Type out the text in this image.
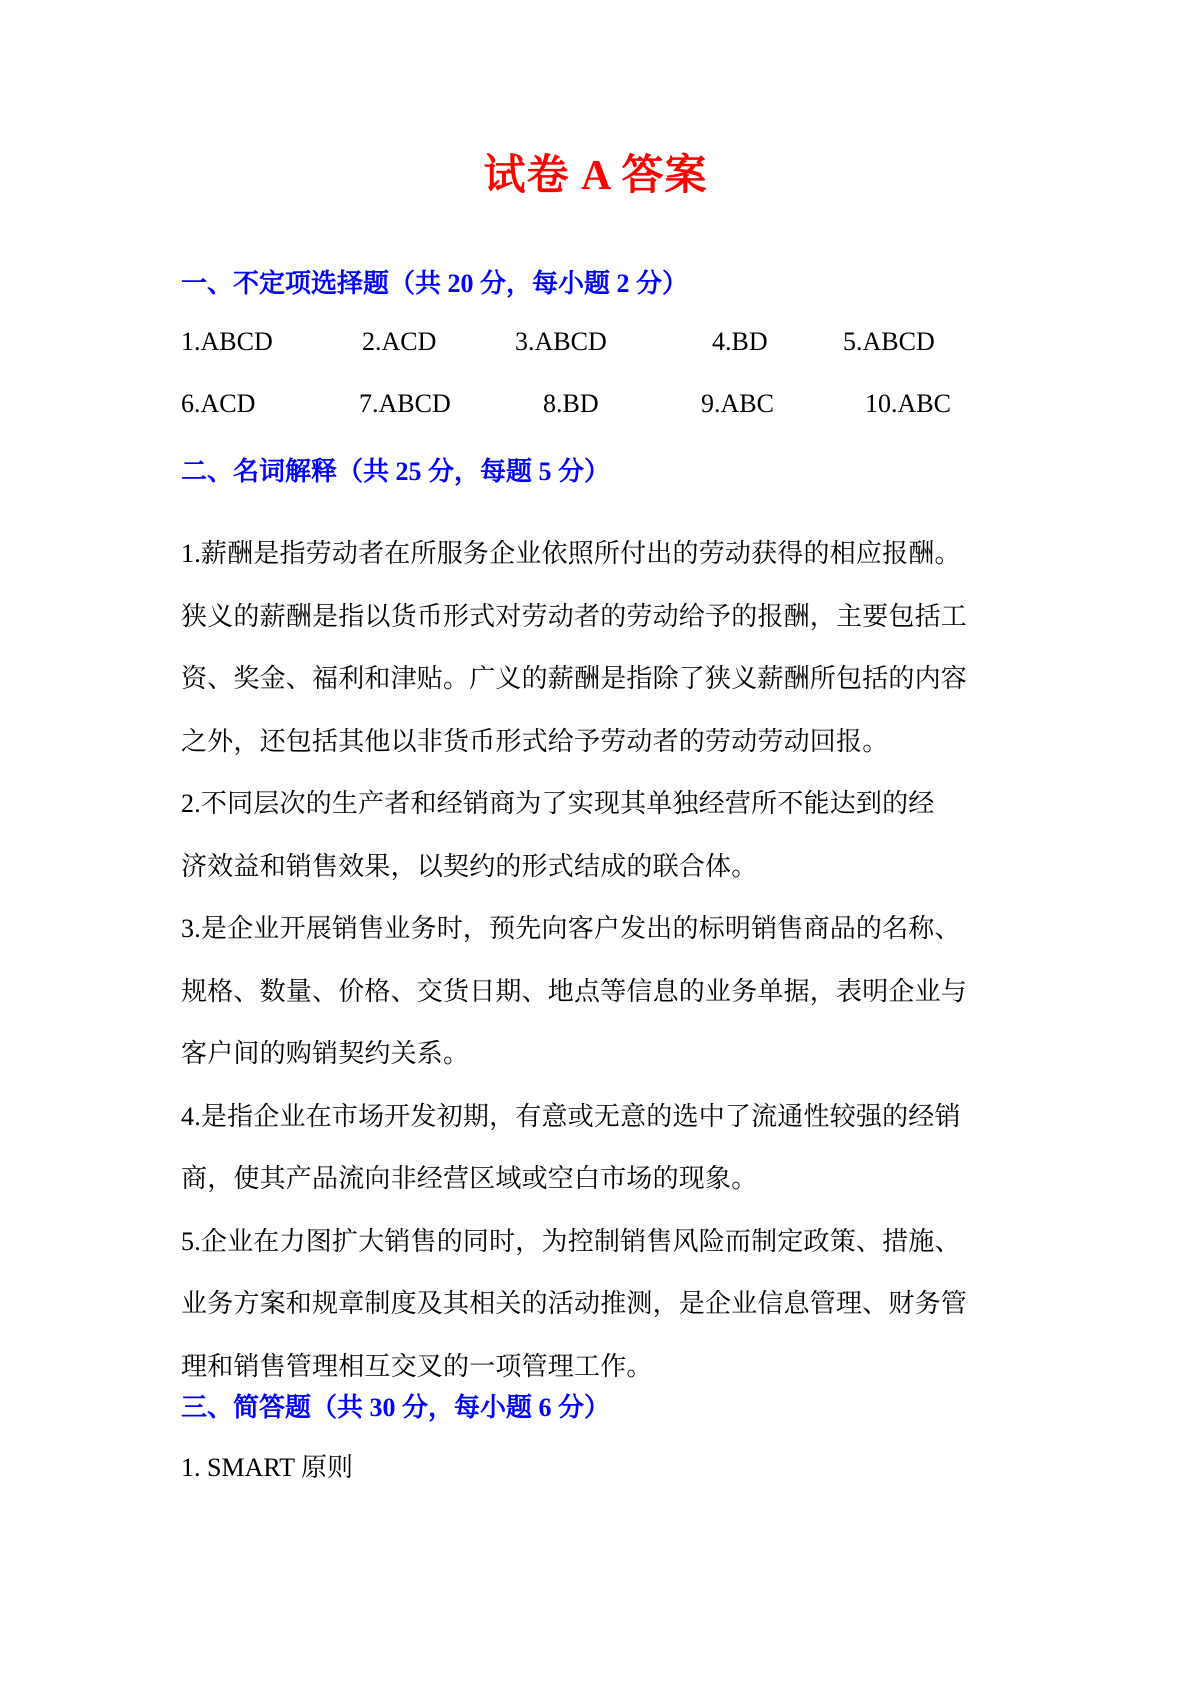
试卷 A 答案
一、不定项选择题（共 20 分，每小题 2 分）
1.ABCD	2.ACD	3.ABCD	4.BD	5.ABCD
6.ACD	7.ABCD	8.BD	9.ABC	10.ABC
二、名词解释（共 25 分，每题 5 分）
1.薪酬是指劳动者在所服务企业依照所付出的劳动获得的相应报酬。
狭义的薪酬是指以货币形式对劳动者的劳动给予的报酬，主要包括工
资、奖金、福利和津贴。广义的薪酬是指除了狭义薪酬所包括的内容
之外，还包括其他以非货币形式给予劳动者的劳动劳动回报。
2.不同层次的生产者和经销商为了实现其单独经营所不能达到的经
济效益和销售效果，以契约的形式结成的联合体。
3.是企业开展销售业务时，预先向客户发出的标明销售商品的名称、
规格、数量、价格、交货日期、地点等信息的业务单据，表明企业与
客户间的购销契约关系。
4.是指企业在市场开发初期，有意或无意的选中了流通性较强的经销
商，使其产品流向非经营区域或空白市场的现象。
5.企业在力图扩大销售的同时，为控制销售风险而制定政策、措施、
业务方案和规章制度及其相关的活动推测，是企业信息管理、财务管
理和销售管理相互交叉的一项管理工作。
三、简答题（共 30 分，每小题 6 分）
1. SMART 原则
